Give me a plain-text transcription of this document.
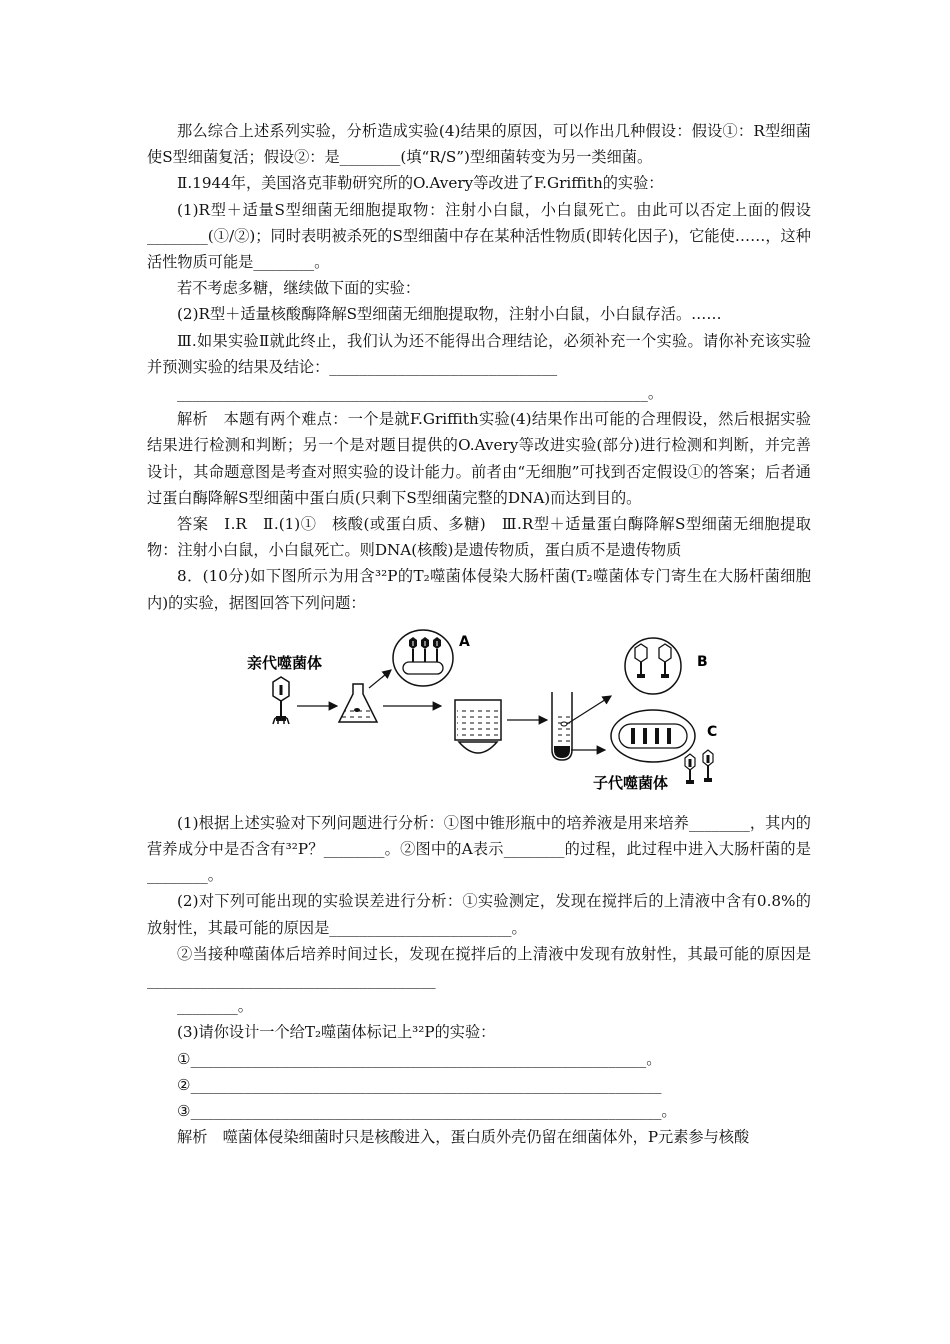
那么综合上述系列实验，分析造成实验(4)结果的原因，可以作出几种假设：假设①：R型细菌使S型细菌复活；假设②：是________(填“R/S”)型细菌转变为另一类细菌。

Ⅱ.1944年，美国洛克菲勒研究所的O.Avery等改进了F.Griffith的实验：

(1)R型＋适量S型细菌无细胞提取物：注射小白鼠，小白鼠死亡。由此可以否定上面的假设________(①/②)；同时表明被杀死的S型细菌中存在某种活性物质(即转化因子)，它能使……，这种活性物质可能是________。

若不考虑多糖，继续做下面的实验：

(2)R型＋适量核酸酶降解S型细菌无细胞提取物，注射小白鼠，小白鼠存活。……

Ⅲ.如果实验Ⅱ就此终止，我们认为还不能得出合理结论，必须补充一个实验。请你补充该实验并预测实验的结果及结论：______________________________

______________________________________________________________。

解析　本题有两个难点：一个是就F.Griffith实验(4)结果作出可能的合理假设，然后根据实验结果进行检测和判断；另一个是对题目提供的O.Avery等改进实验(部分)进行检测和判断，并完善设计，其命题意图是考查对照实验的设计能力。前者由“无细胞”可找到否定假设①的答案；后者通过蛋白酶降解S型细菌中蛋白质(只剩下S型细菌完整的DNA)而达到目的。

答案　Ⅰ.R　Ⅱ.(1)①　核酸(或蛋白质、多糖)　Ⅲ.R型＋适量蛋白酶降解S型细菌无细胞提取物：注射小白鼠，小白鼠死亡。则DNA(核酸)是遗传物质，蛋白质不是遗传物质

8．(10分)如下图所示为用含³²P的T₂噬菌体侵染大肠杆菌(T₂噬菌体专门寄生在大肠杆菌细胞内)的实验，据图回答下列问题：

亲代噬菌体
A
B
C
子代噬菌体

(1)根据上述实验对下列问题进行分析：①图中锥形瓶中的培养液是用来培养________，其内的营养成分中是否含有³²P？________。②图中的A表示________的过程，此过程中进入大肠杆菌的是________。

(2)对下列可能出现的实验误差进行分析：①实验测定，发现在搅拌后的上清液中含有0.8%的放射性，其最可能的原因是________________________。

②当接种噬菌体后培养时间过长，发现在搅拌后的上清液中发现有放射性，其最可能的原因是______________________________________

________。

(3)请你设计一个给T₂噬菌体标记上³²P的实验：

①____________________________________________________________。

②______________________________________________________________

③______________________________________________________________。

解析　噬菌体侵染细菌时只是核酸进入，蛋白质外壳仍留在细菌体外，P元素参与核酸
